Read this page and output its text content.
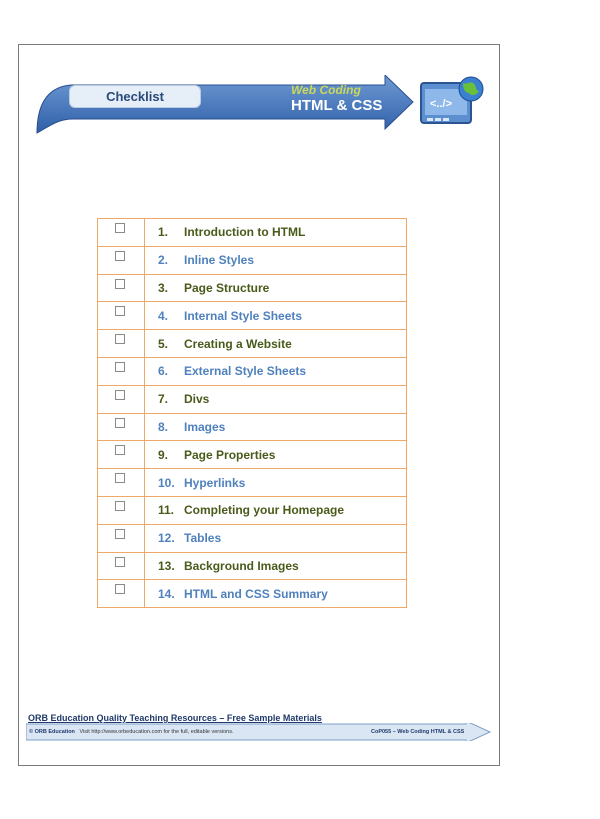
Checklist	Web Coding
HTML & CSS	<../>
1.	Introduction to HTML
2.	Inline Styles
3.	Page Structure
4.	Internal Style Sheets
5.	Creating a Website
6.	External Style Sheets
7.	Divs
8.	Images
9.	Page Properties
10. Hyperlinks
11. Completing your Homepage
12. Tables
13. Background Images
14. HTML and CSS Summary
ORB Education Quality Teaching Resources – Free Sample Materials
© ORB Education Visit http://www.orbeducation.com for the full, editable versions.	CoP055 – Web Coding HTML & CSS
